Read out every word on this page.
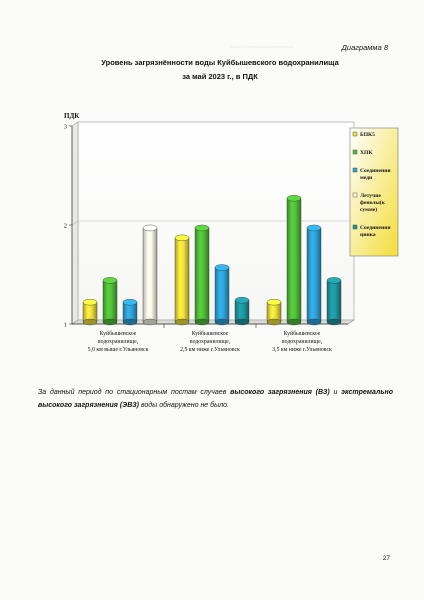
Диаграмма 8
Уровень загрязнённости воды Куйбышевского водохранилища
за май 2023 г., в ПДК
~~~~~~~~~~~~~~~~~~
1
2
3
ПДК
Куйбышевское
водохранилище,
5,0 км выше г.Ульяновск
Куйбышевское
водохранилище,
2,5 км ниже г.Ульяновск
Куйбышевское
водохранилище,
3,5 км ниже г.Ульяновск
БПК5
ХПК
Соединения
меди
Летучие
фенолы(к
сумме)
Соединения
цинка
За данный период по стационарным постам случаев высокого загрязнения (ВЗ) и экстремально высокого загрязнения (ЭВЗ) воды обнаружено не было.
27
